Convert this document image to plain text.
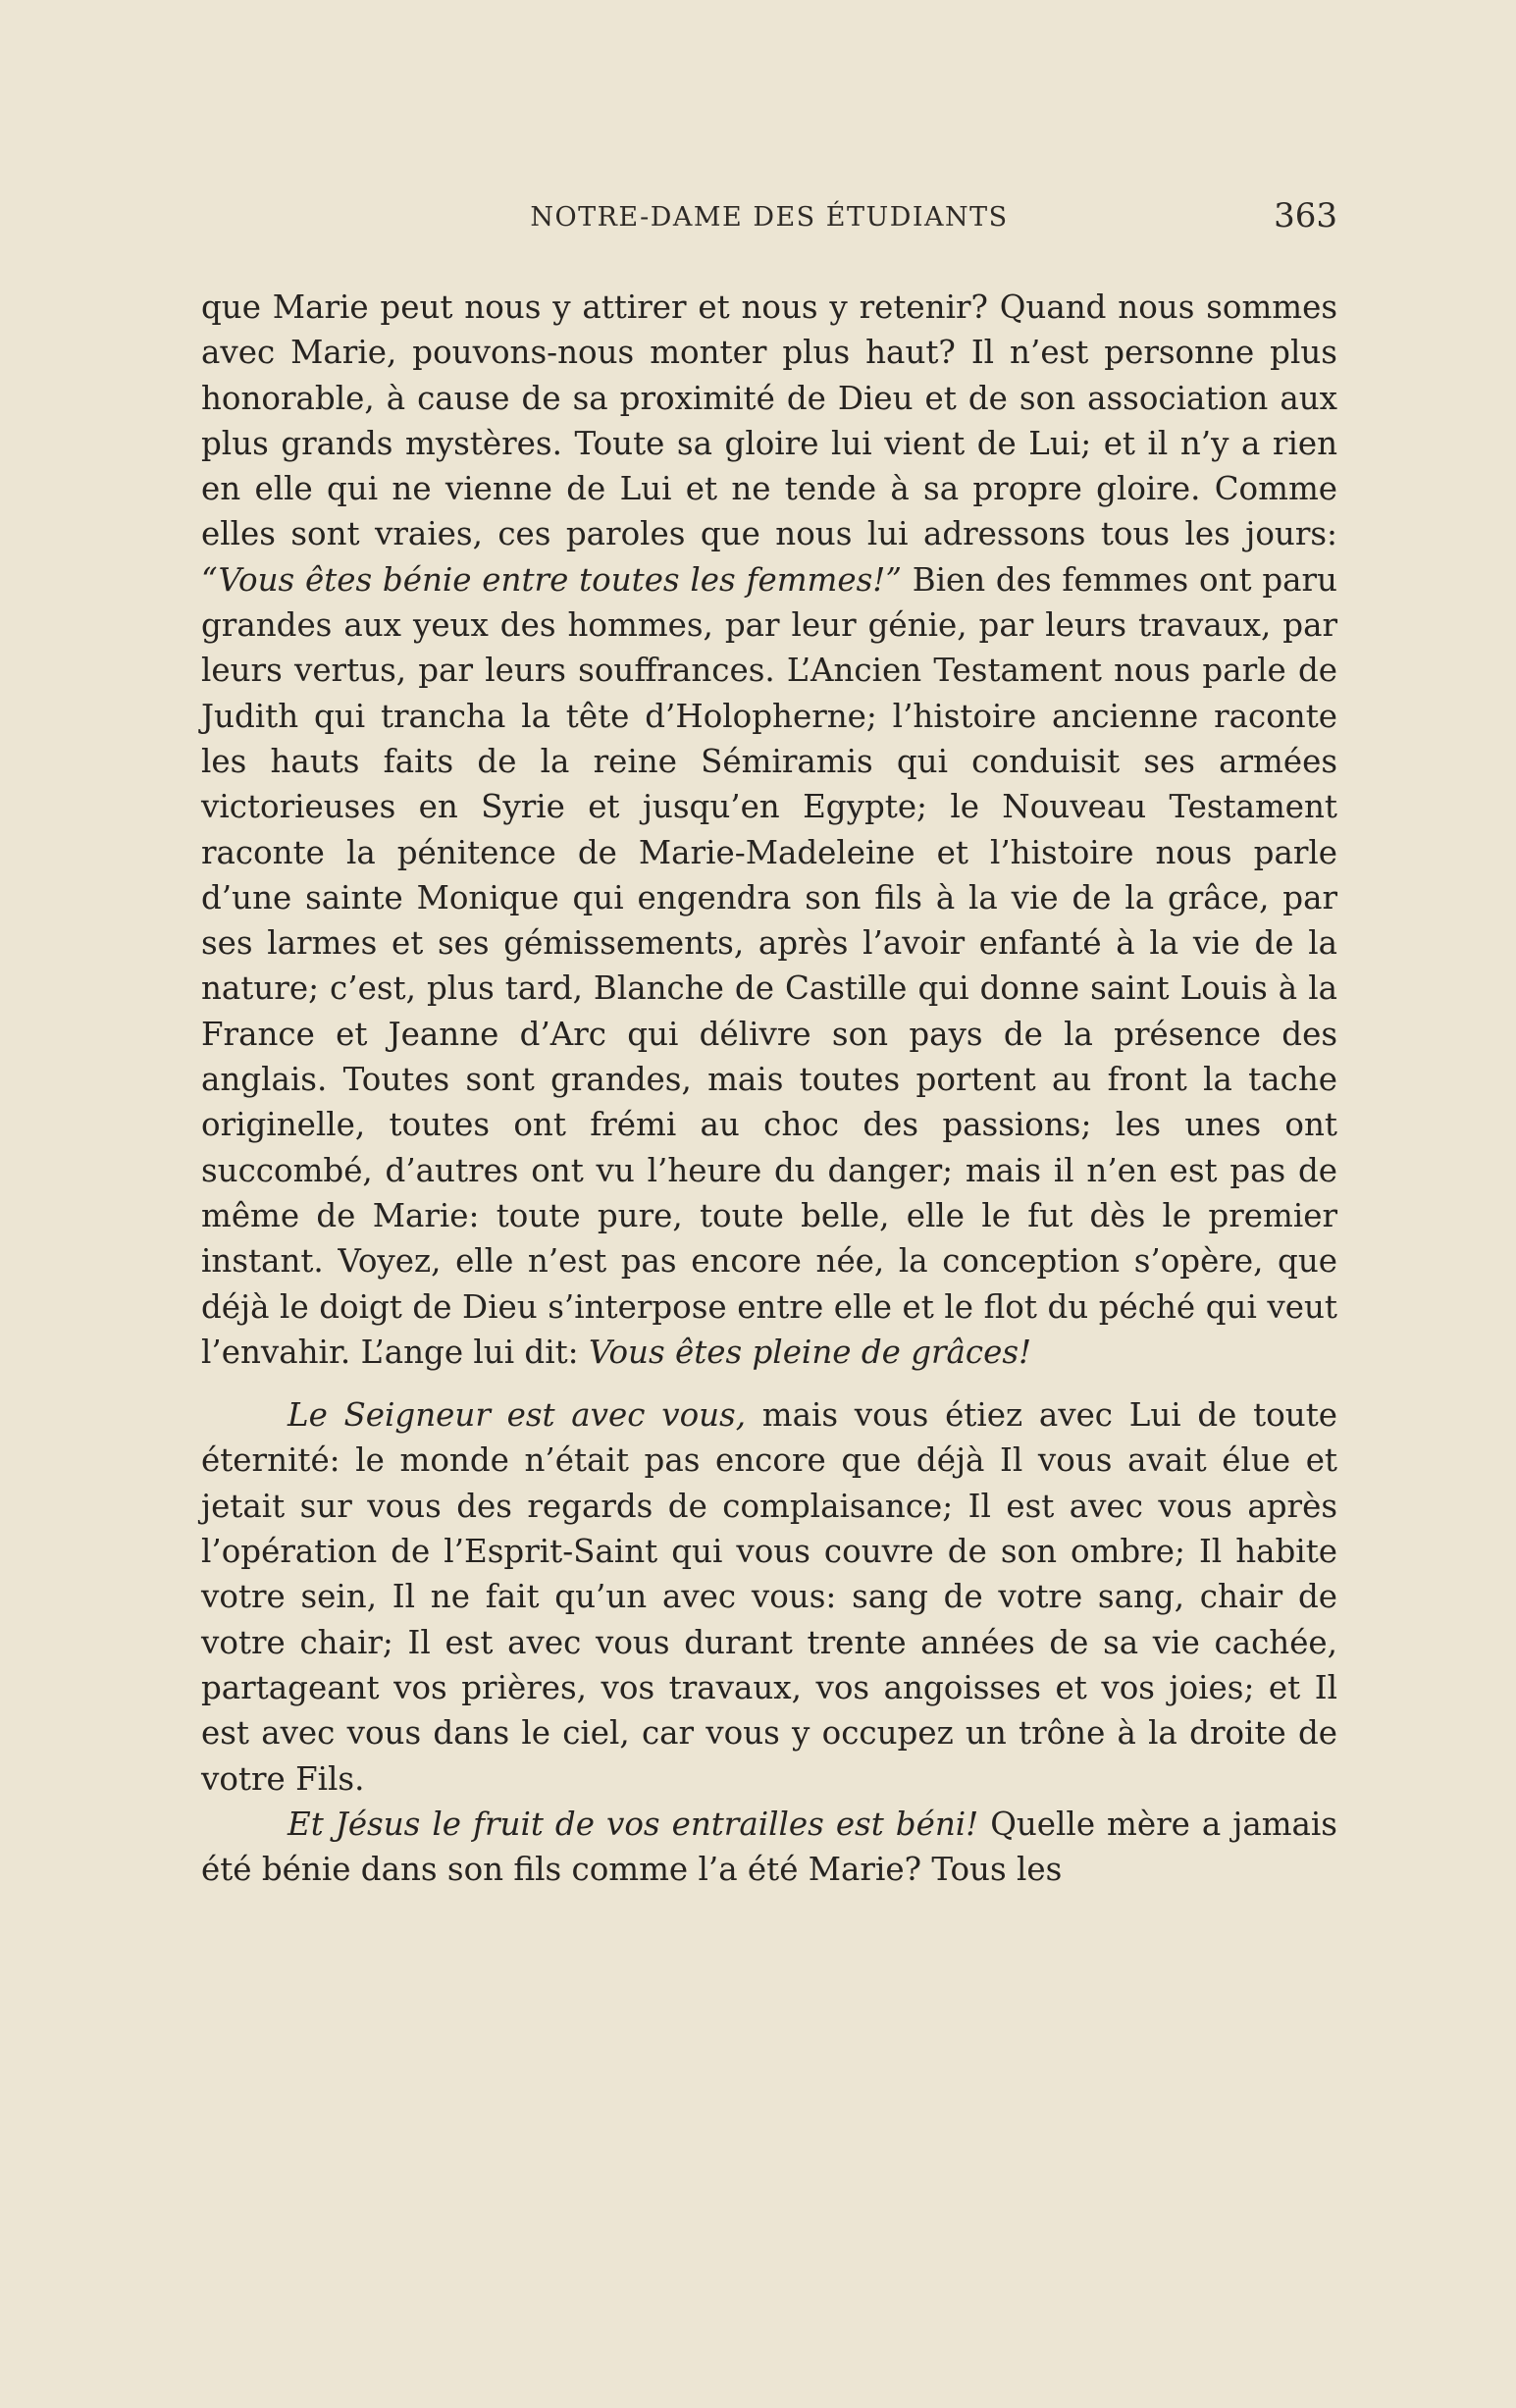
NOTRE-DAME DES ÉTUDIANTS	363

que Marie peut nous y attirer et nous y retenir? Quand nous sommes avec Marie, pouvons-nous monter plus haut? Il n’est personne plus honorable, à cause de sa proximité de Dieu et de son association aux plus grands mystères. Toute sa gloire lui vient de Lui; et il n’y a rien en elle qui ne vienne de Lui et ne tende à sa propre gloire. Comme elles sont vraies, ces paroles que nous lui adressons tous les jours: “Vous êtes bénie entre toutes les femmes!” Bien des femmes ont paru grandes aux yeux des hommes, par leur génie, par leurs travaux, par leurs vertus, par leurs souffrances. L’Ancien Testament nous parle de Judith qui trancha la tête d’Holopherne; l’histoire ancienne raconte les hauts faits de la reine Sémiramis qui conduisit ses armées victorieuses en Syrie et jusqu’en Egypte; le Nouveau Testament raconte la pénitence de Marie-Madeleine et l’histoire nous parle d’une sainte Monique qui engendra son fils à la vie de la grâce, par ses larmes et ses gémissements, après l’avoir enfanté à la vie de la nature; c’est, plus tard, Blanche de Castille qui donne saint Louis à la France et Jeanne d’Arc qui délivre son pays de la présence des anglais. Toutes sont grandes, mais toutes portent au front la tache originelle, toutes ont frémi au choc des passions; les unes ont succombé, d’autres ont vu l’heure du danger; mais il n’en est pas de même de Marie: toute pure, toute belle, elle le fut dès le premier instant. Voyez, elle n’est pas encore née, la conception s’opère, que déjà le doigt de Dieu s’interpose entre elle et le flot du péché qui veut l’envahir. L’ange lui dit: Vous êtes pleine de grâces!

Le Seigneur est avec vous, mais vous étiez avec Lui de toute éternité: le monde n’était pas encore que déjà Il vous avait élue et jetait sur vous des regards de complaisance; Il est avec vous après l’opération de l’Esprit-Saint qui vous couvre de son ombre; Il habite votre sein, Il ne fait qu’un avec vous: sang de votre sang, chair de votre chair; Il est avec vous durant trente années de sa vie cachée, partageant vos prières, vos travaux, vos angoisses et vos joies; et Il est avec vous dans le ciel, car vous y occupez un trône à la droite de votre Fils.

Et Jésus le fruit de vos entrailles est béni! Quelle mère a jamais été bénie dans son fils comme l’a été Marie? Tous les
